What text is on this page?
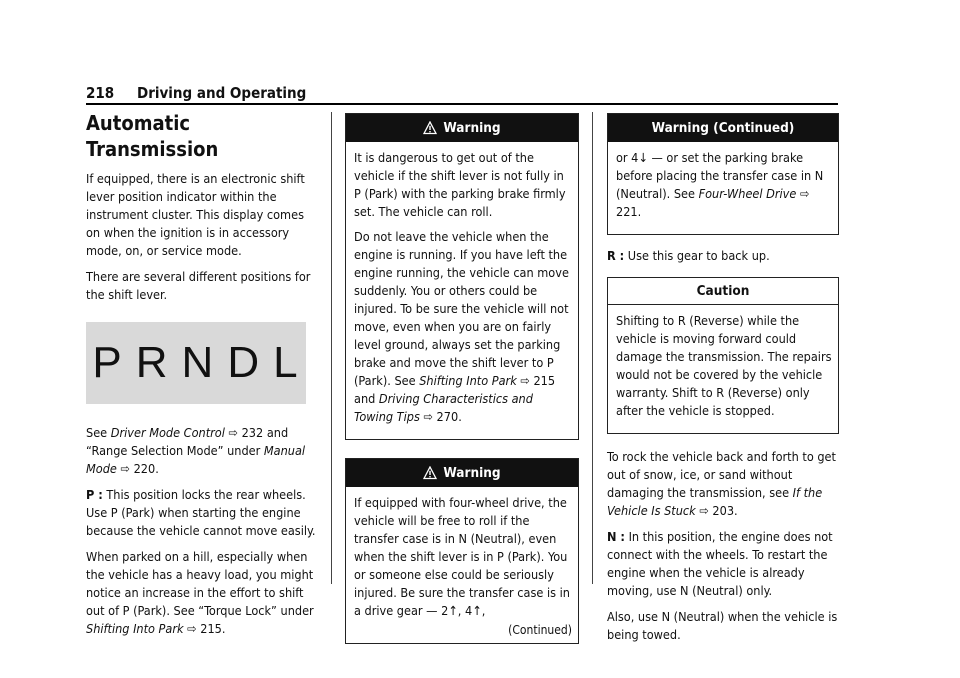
218 Driving and Operating
Automatic Transmission

If equipped, there is an electronic shift lever position indicator within the instrument cluster. This display comes on when the ignition is in accessory mode, on, or service mode.

There are several different positions for the shift lever.

PRNDL

See Driver Mode Control ⇨ 232 and “Range Selection Mode” under Manual Mode ⇨ 220.

P : This position locks the rear wheels. Use P (Park) when starting the engine because the vehicle cannot move easily.

When parked on a hill, especially when the vehicle has a heavy load, you might notice an increase in the effort to shift out of P (Park). See “Torque Lock” under Shifting Into Park ⇨ 215.

Warning

It is dangerous to get out of the vehicle if the shift lever is not fully in P (Park) with the parking brake firmly set. The vehicle can roll.

Do not leave the vehicle when the engine is running. If you have left the engine running, the vehicle can move suddenly. You or others could be injured. To be sure the vehicle will not move, even when you are on fairly level ground, always set the parking brake and move the shift lever to P (Park). See Shifting Into Park ⇨ 215 and Driving Characteristics and Towing Tips ⇨ 270.

Warning

If equipped with four-wheel drive, the vehicle will be free to roll if the transfer case is in N (Neutral), even when the shift lever is in P (Park). You or someone else could be seriously injured. Be sure the transfer case is in a drive gear — 2↑, 4↑,

(Continued)
Warning (Continued)

or 4↓ — or set the parking brake before placing the transfer case in N (Neutral). See Four-Wheel Drive ⇨ 221.

R : Use this gear to back up.

Caution

Shifting to R (Reverse) while the vehicle is moving forward could damage the transmission. The repairs would not be covered by the vehicle warranty. Shift to R (Reverse) only after the vehicle is stopped.

To rock the vehicle back and forth to get out of snow, ice, or sand without damaging the transmission, see If the Vehicle Is Stuck ⇨ 203.

N : In this position, the engine does not connect with the wheels. To restart the engine when the vehicle is already moving, use N (Neutral) only.

Also, use N (Neutral) when the vehicle is being towed.
